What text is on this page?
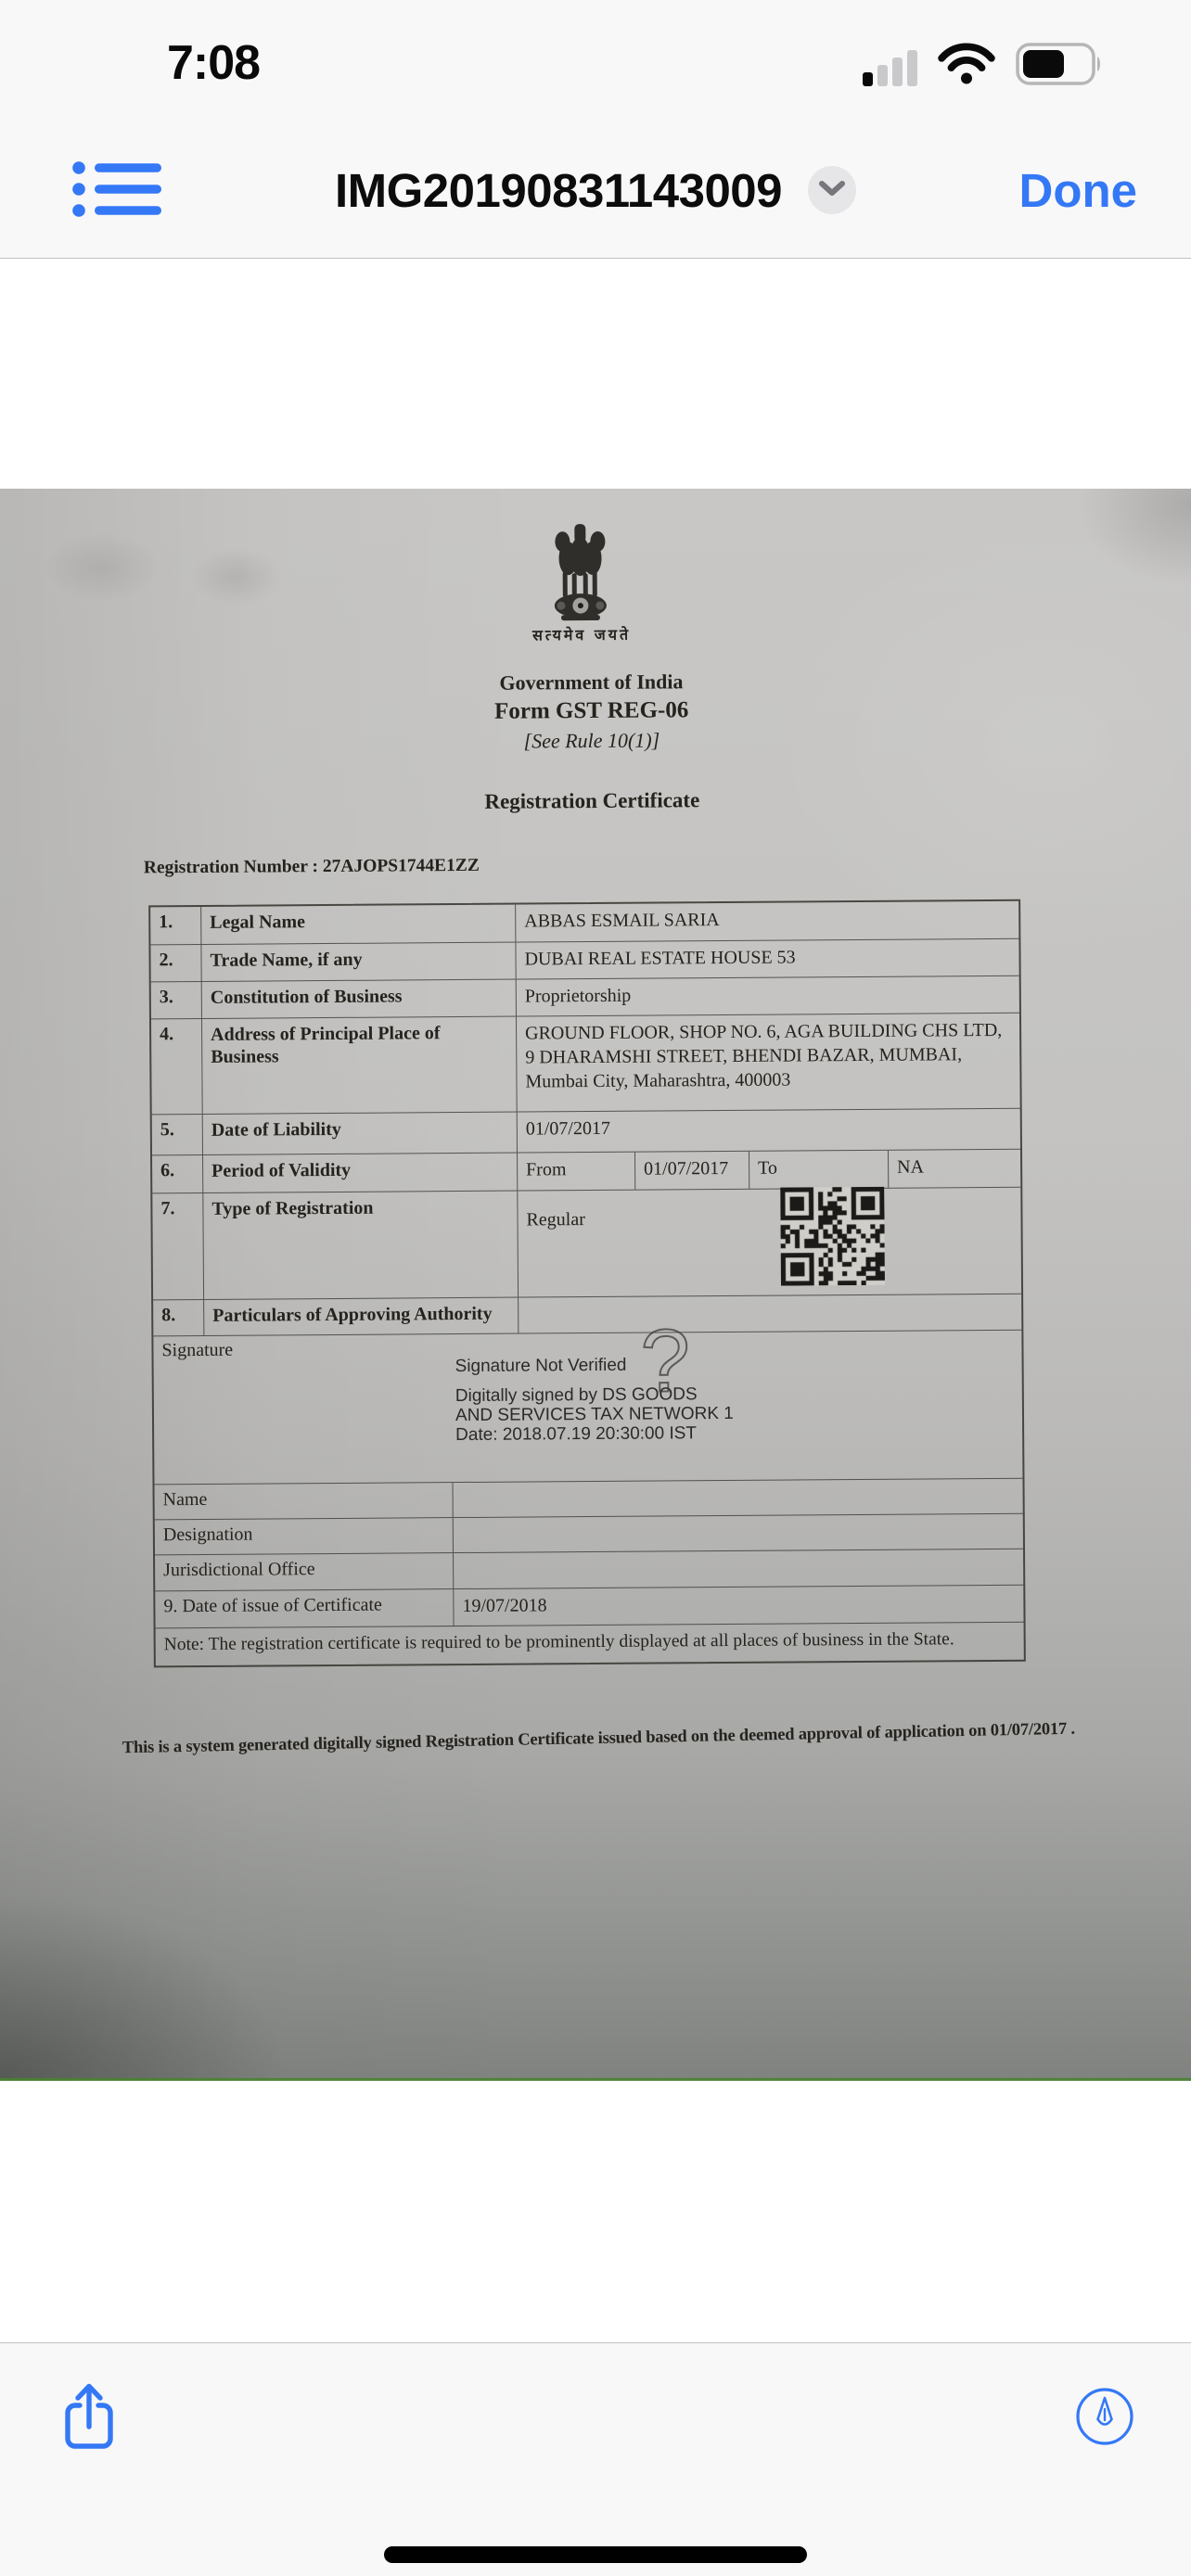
7:08
IMG20190831143009	Done
सत्यमेव जयते
Government of India
Form GST REG-06
[See Rule 10(1)]
Registration Certificate
Registration Number : 27AJOPS1744E1ZZ
1.	Legal Name	ABBAS ESMAIL SARIA
2.	Trade Name, if any	DUBAI REAL ESTATE HOUSE 53
3.	Constitution of Business	Proprietorship
4.	Address of Principal Place of Business
GROUND FLOOR, SHOP NO. 6, AGA BUILDING CHS LTD, 9 DHARAMSHI STREET, BHENDI BAZAR, MUMBAI, Mumbai City, Maharashtra, 400003
5.	Date of Liability	01/07/2017
6.	Period of Validity	From	01/07/2017	To	NA
7.	Type of Registration
Regular
8.	Particulars of Approving Authority
Signature
Signature Not Verified
Digitally signed by DS GOODS
AND SERVICES TAX NETWORK 1
Date: 2018.07.19 20:30:00 IST
?
Name
Designation
Jurisdictional Office
9. Date of issue of Certificate	19/07/2018
Note: The registration certificate is required to be prominently displayed at all places of business in the State.
This is a system generated digitally signed Registration Certificate issued based on the deemed approval of application on 01/07/2017 .
